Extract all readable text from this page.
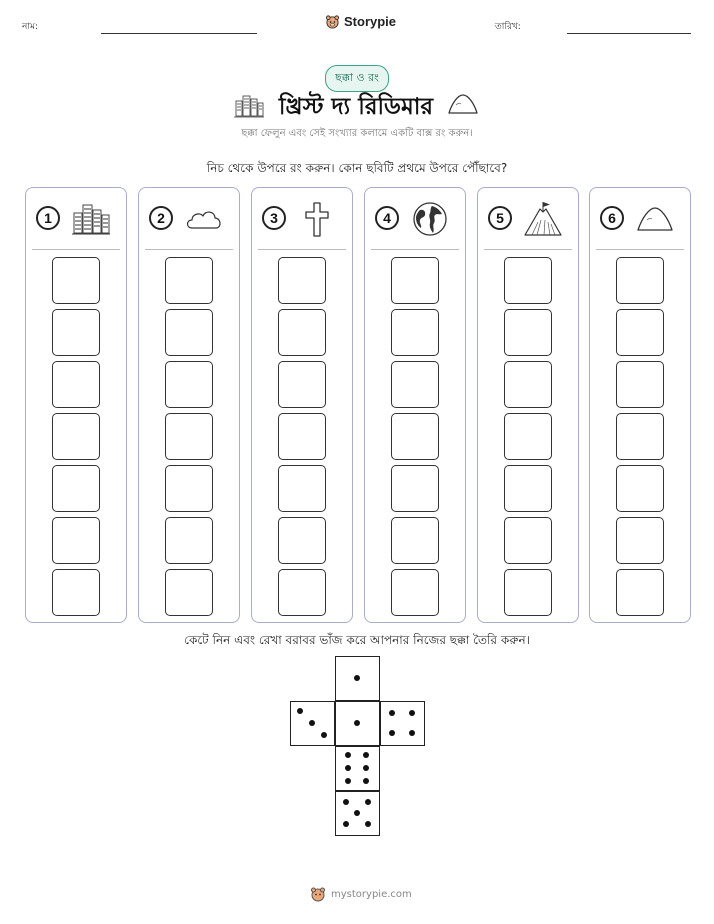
নাম:	Storypie	তারিখ:
ছক্কা ও রং
খ্রিস্ট দ্য রিডিমার
ছক্কা ফেলুন এবং সেই সংখ্যার কলামে একটি বাক্স রং করুন।
নিচ থেকে উপরে রং করুন। কোন ছবিটি প্রথমে উপরে পৌঁছাবে?
1	2	3	4	5	6
কেটে নিন এবং রেখা বরাবর ভাঁজ করে আপনার নিজের ছক্কা তৈরি করুন।
mystorypie.com
